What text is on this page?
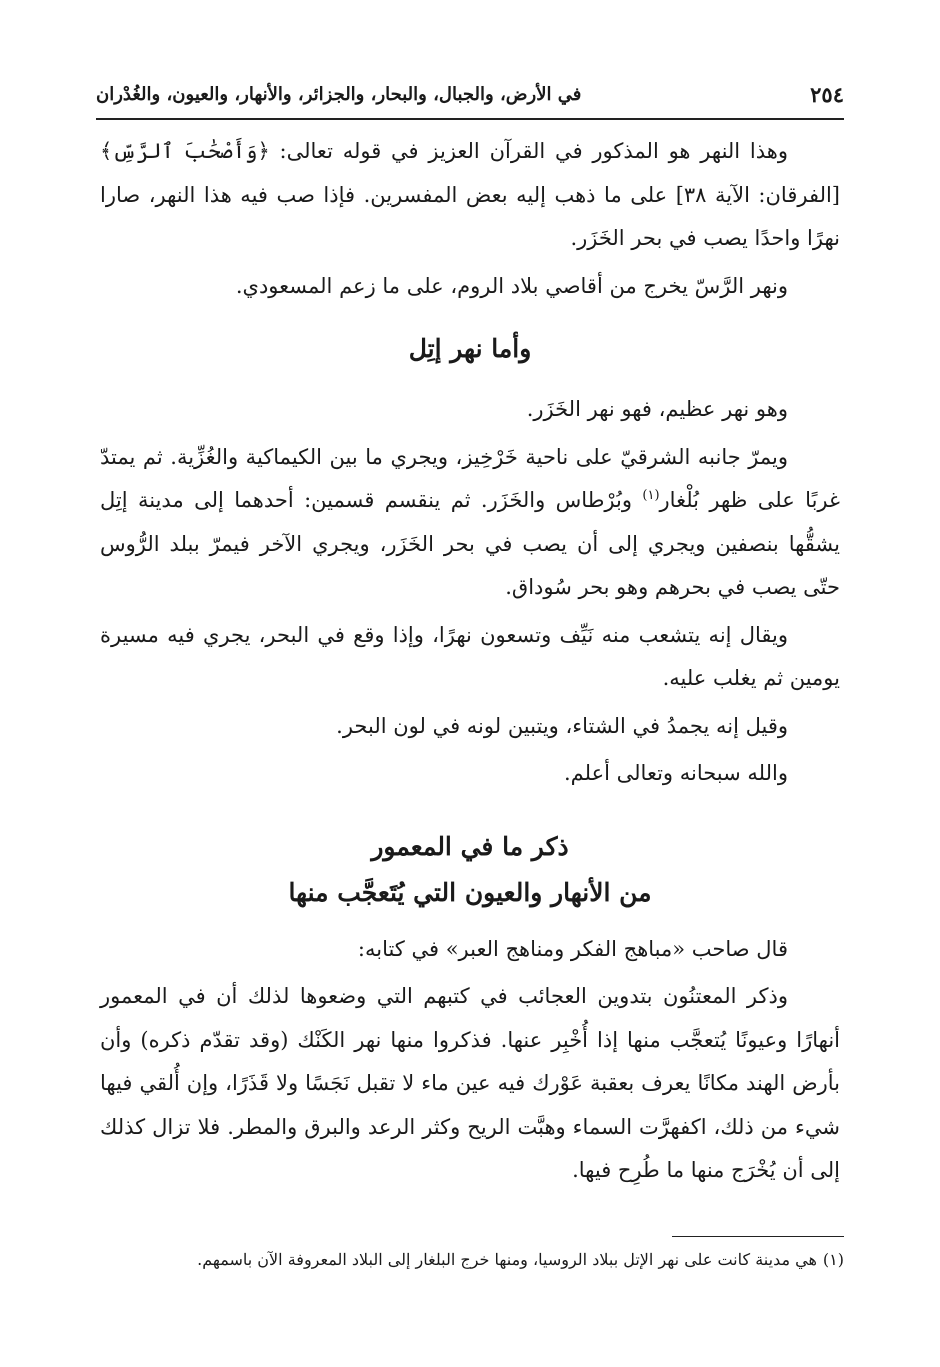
٢٥٤
في الأرض، والجبال، والبحار، والجزائر، والأنهار، والعيون، والغُدْران

وهذا النهر هو المذكور في القرآن العزيز في قوله تعالى: ﴿وَأَصْحَٰبَ ٱلرَّسِّ﴾ [الفرقان: الآية ٣٨] على ما ذهب إليه بعض المفسرين. فإذا صب فيه هذا النهر، صارا نهرًا واحدًا يصب في بحر الخَزَر.

ونهر الرَّسّ يخرج من أقاصي بلاد الروم، على ما زعم المسعودي.

وأما نهر إتِل

وهو نهر عظيم، فهو نهر الخَزَر.

ويمرّ جانبه الشرقيّ على ناحية خَرْخِيز، ويجري ما بين الكيماكية والغُزِّية. ثم يمتدّ غربًا على ظهر بُلْغار$^{(١)}$ وبُرْطاس والخَزَر. ثم ينقسم قسمين: أحدهما إلى مدينة إتِل يشقُّها بنصفين ويجري إلى أن يصب في بحر الخَزَر، ويجري الآخر فيمرّ ببلد الرُّوس حتّى يصب في بحرهم وهو بحر سُوداق.

ويقال إنه يتشعب منه نَيِّف وتسعون نهرًا، وإذا وقع في البحر، يجري فيه مسيرة يومين ثم يغلب عليه.

وقيل إنه يجمدُ في الشتاء، ويتبين لونه في لون البحر.

والله سبحانه وتعالى أعلم.

ذكر ما في المعمور
من الأنهار والعيون التي يُتَعجَّب منها

قال صاحب «مباهج الفكر ومناهج العبر» في كتابه:

وذكر المعتنُون بتدوين العجائب في كتبهم التي وضعوها لذلك أن في المعمور أنهارًا وعيونًا يُتعجَّب منها إذا أُخْبِر عنها. فذكروا منها نهر الكَنْك (وقد تقدّم ذكره) وأن بأرض الهند مكانًا يعرف بعقبة عَوْرك فيه عين ماء لا تقبل نَجَسًا ولا قَذَرًا، وإن أُلقي فيها شيء من ذلك، اكفهرَّت السماء وهبَّت الريح وكثر الرعد والبرق والمطر. فلا تزال كذلك إلى أن يُخْرَج منها ما طُرِح فيها.

(١)هي مدينة كانت على نهر الإتل ببلاد الروسيا، ومنها خرج البلغار إلى البلاد المعروفة الآن باسمهم.
